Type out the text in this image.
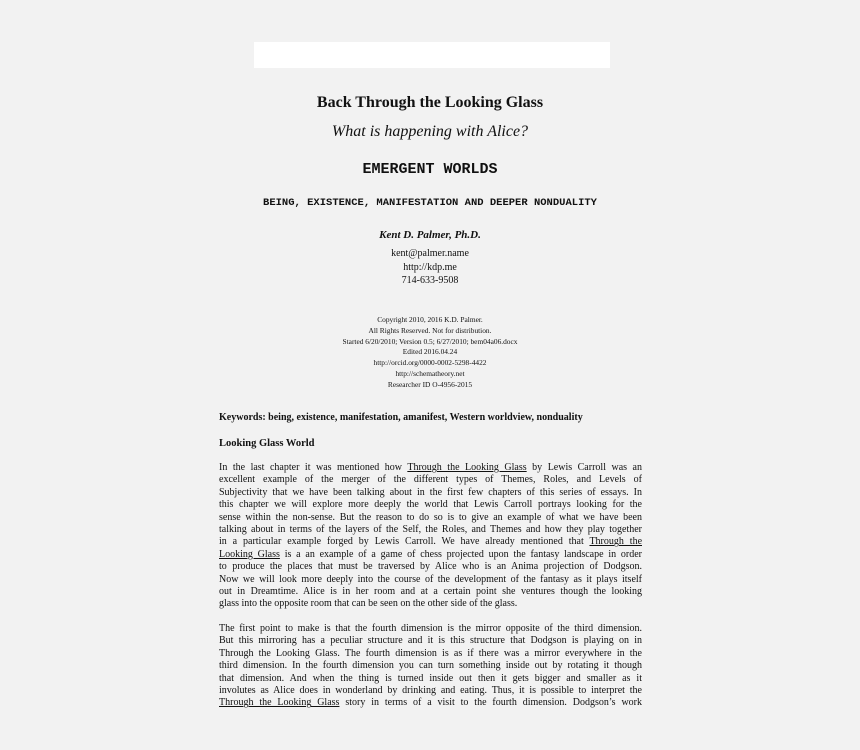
Back Through the Looking Glass
What is happening with Alice?
EMERGENT WORLDS
BEING, EXISTENCE, MANIFESTATION AND DEEPER NONDUALITY
Kent D. Palmer, Ph.D.
kent@palmer.name
http://kdp.me
714-633-9508
Copyright 2010, 2016 K.D. Palmer.
All Rights Reserved. Not for distribution.
Started 6/20/2010; Version 0.5; 6/27/2010; bem04a06.docx
Edited 2016.04.24
http://orcid.org/0000-0002-5298-4422
http://schematheory.net
Researcher ID O-4956-2015
Keywords: being, existence, manifestation, amanifest, Western worldview, nonduality
Looking Glass World
In the last chapter it was mentioned how Through the Looking Glass by Lewis Carroll was an
excellent example of the merger of the different types of Themes, Roles, and Levels of
Subjectivity that we have been talking about in the first few chapters of this series of essays. In
this chapter we will explore more deeply the world that Lewis Carroll portrays looking for the
sense within the non-sense. But the reason to do so is to give an example of what we have been
talking about in terms of the layers of the Self, the Roles, and Themes and how they play together
in a particular example forged by Lewis Carroll. We have already mentioned that Through the
Looking Glass is a an example of a game of chess projected upon the fantasy landscape in order
to produce the places that must be traversed by Alice who is an Anima projection of Dodgson.
Now we will look more deeply into the course of the development of the fantasy as it plays itself
out in Dreamtime. Alice is in her room and at a certain point she ventures though the looking
glass into the opposite room that can be seen on the other side of the glass.
The first point to make is that the fourth dimension is the mirror opposite of the third dimension.
But this mirroring has a peculiar structure and it is this structure that Dodgson is playing on in
Through the Looking Glass. The fourth dimension is as if there was a mirror everywhere in the
third dimension. In the fourth dimension you can turn something inside out by rotating it though
that dimension. And when the thing is turned inside out then it gets bigger and smaller as it
involutes as Alice does in wonderland by drinking and eating. Thus, it is possible to interpret the
Through the Looking Glass story in terms of a visit to the fourth dimension. Dodgson’s work
